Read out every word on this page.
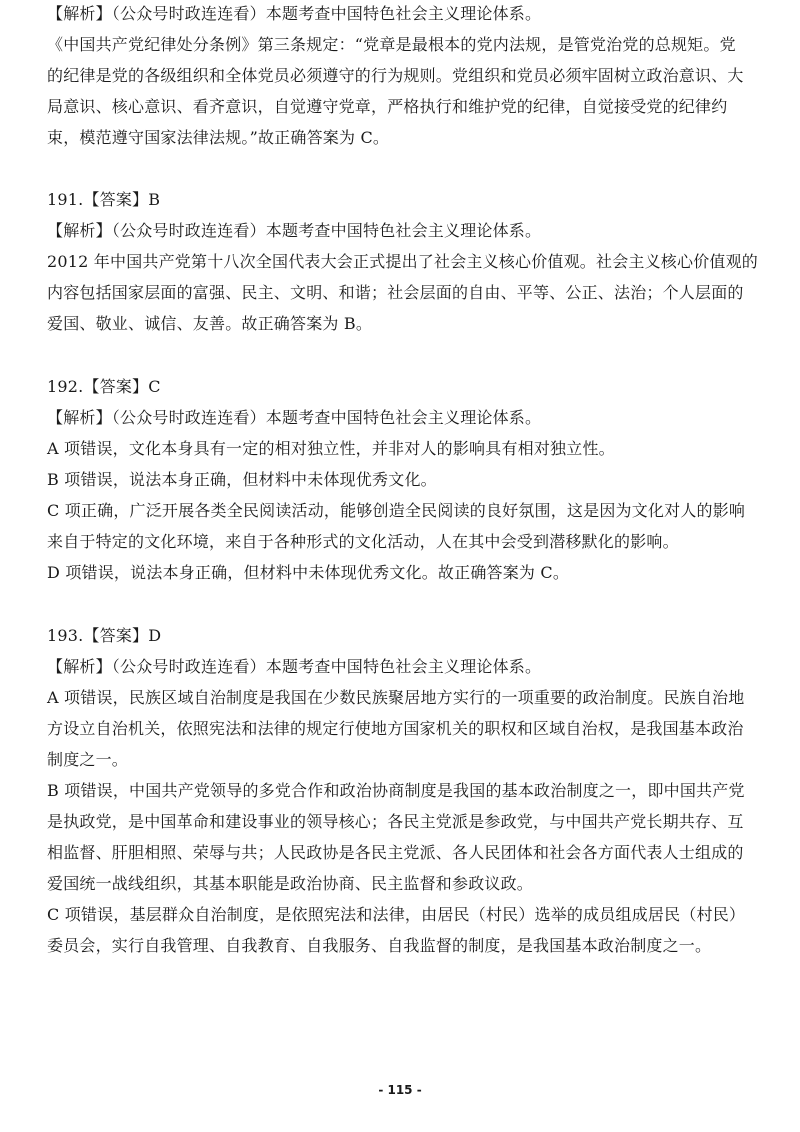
【解析】（公众号时政连连看）本题考查中国特色社会主义理论体系。
《中国共产党纪律处分条例》第三条规定：“党章是最根本的党内法规，是管党治党的总规矩。党
的纪律是党的各级组织和全体党员必须遵守的行为规则。党组织和党员必须牢固树立政治意识、大
局意识、核心意识、看齐意识，自觉遵守党章，严格执行和维护党的纪律，自觉接受党的纪律约
束，模范遵守国家法律法规。”故正确答案为 C。
191.【答案】B
【解析】（公众号时政连连看）本题考查中国特色社会主义理论体系。
2012 年中国共产党第十八次全国代表大会正式提出了社会主义核心价值观。社会主义核心价值观的
内容包括国家层面的富强、民主、文明、和谐；社会层面的自由、平等、公正、法治；个人层面的
爱国、敬业、诚信、友善。故正确答案为 B。
192.【答案】C
【解析】（公众号时政连连看）本题考查中国特色社会主义理论体系。
A 项错误，文化本身具有一定的相对独立性，并非对人的影响具有相对独立性。
B 项错误，说法本身正确，但材料中未体现优秀文化。
C 项正确，广泛开展各类全民阅读活动，能够创造全民阅读的良好氛围，这是因为文化对人的影响
来自于特定的文化环境，来自于各种形式的文化活动，人在其中会受到潜移默化的影响。
D 项错误，说法本身正确，但材料中未体现优秀文化。故正确答案为 C。
193.【答案】D
【解析】（公众号时政连连看）本题考查中国特色社会主义理论体系。
A 项错误，民族区域自治制度是我国在少数民族聚居地方实行的一项重要的政治制度。民族自治地
方设立自治机关，依照宪法和法律的规定行使地方国家机关的职权和区域自治权，是我国基本政治
制度之一。
B 项错误，中国共产党领导的多党合作和政治协商制度是我国的基本政治制度之一，即中国共产党
是执政党，是中国革命和建设事业的领导核心；各民主党派是参政党，与中国共产党长期共存、互
相监督、肝胆相照、荣辱与共；人民政协是各民主党派、各人民团体和社会各方面代表人士组成的
爱国统一战线组织，其基本职能是政治协商、民主监督和参政议政。
C 项错误，基层群众自治制度，是依照宪法和法律，由居民（村民）选举的成员组成居民（村民）
委员会，实行自我管理、自我教育、自我服务、自我监督的制度，是我国基本政治制度之一。
- 115 -
